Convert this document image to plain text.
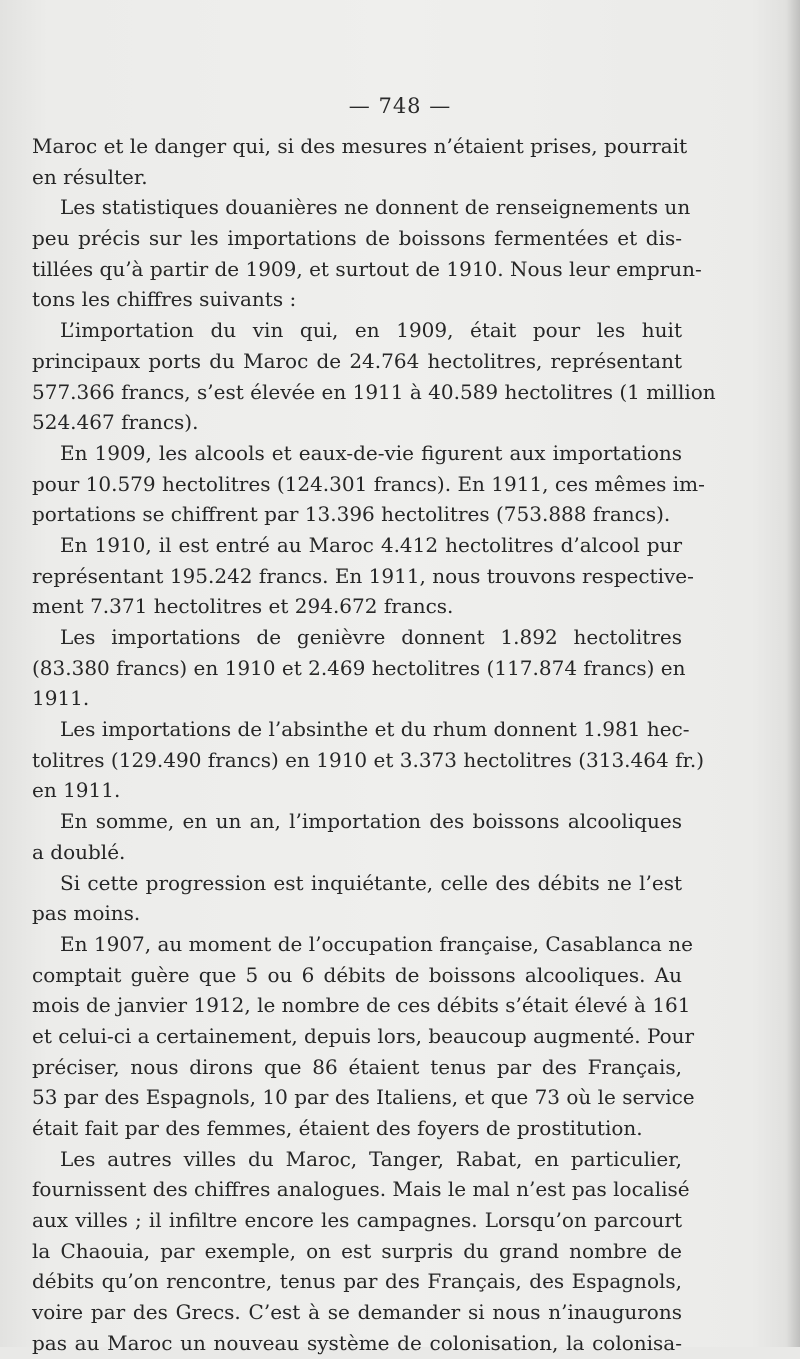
— 748 —
Maroc et le danger qui, si des mesures n’étaient prises, pourrait
en résulter.
Les statistiques douanières ne donnent de renseignements un
peu précis sur les importations de boissons fermentées et dis-
tillées qu’à partir de 1909, et surtout de 1910. Nous leur emprun-
tons les chiffres suivants :
L’importation du vin qui, en 1909, était pour les huit
principaux ports du Maroc de 24.764 hectolitres, représentant
577.366 francs, s’est élevée en 1911 à 40.589 hectolitres (1 million
524.467 francs).
En 1909, les alcools et eaux-de-vie figurent aux importations
pour 10.579 hectolitres (124.301 francs). En 1911, ces mêmes im-
portations se chiffrent par 13.396 hectolitres (753.888 francs).
En 1910, il est entré au Maroc 4.412 hectolitres d’alcool pur
représentant 195.242 francs. En 1911, nous trouvons respective-
ment 7.371 hectolitres et 294.672 francs.
Les importations de genièvre donnent 1.892 hectolitres
(83.380 francs) en 1910 et 2.469 hectolitres (117.874 francs) en
1911.
Les importations de l’absinthe et du rhum donnent 1.981 hec-
tolitres (129.490 francs) en 1910 et 3.373 hectolitres (313.464 fr.)
en 1911.
En somme, en un an, l’importation des boissons alcooliques
a doublé.
Si cette progression est inquiétante, celle des débits ne l’est
pas moins.
En 1907, au moment de l’occupation française, Casablanca ne
comptait guère que 5 ou 6 débits de boissons alcooliques. Au
mois de janvier 1912, le nombre de ces débits s’était élevé à 161
et celui-ci a certainement, depuis lors, beaucoup augmenté. Pour
préciser, nous dirons que 86 étaient tenus par des Français,
53 par des Espagnols, 10 par des Italiens, et que 73 où le service
était fait par des femmes, étaient des foyers de prostitution.
Les autres villes du Maroc, Tanger, Rabat, en particulier,
fournissent des chiffres analogues. Mais le mal n’est pas localisé
aux villes ; il infiltre encore les campagnes. Lorsqu’on parcourt
la Chaouia, par exemple, on est surpris du grand nombre de
débits qu’on rencontre, tenus par des Français, des Espagnols,
voire par des Grecs. C’est à se demander si nous n’inaugurons
pas au Maroc un nouveau système de colonisation, la colonisa-
